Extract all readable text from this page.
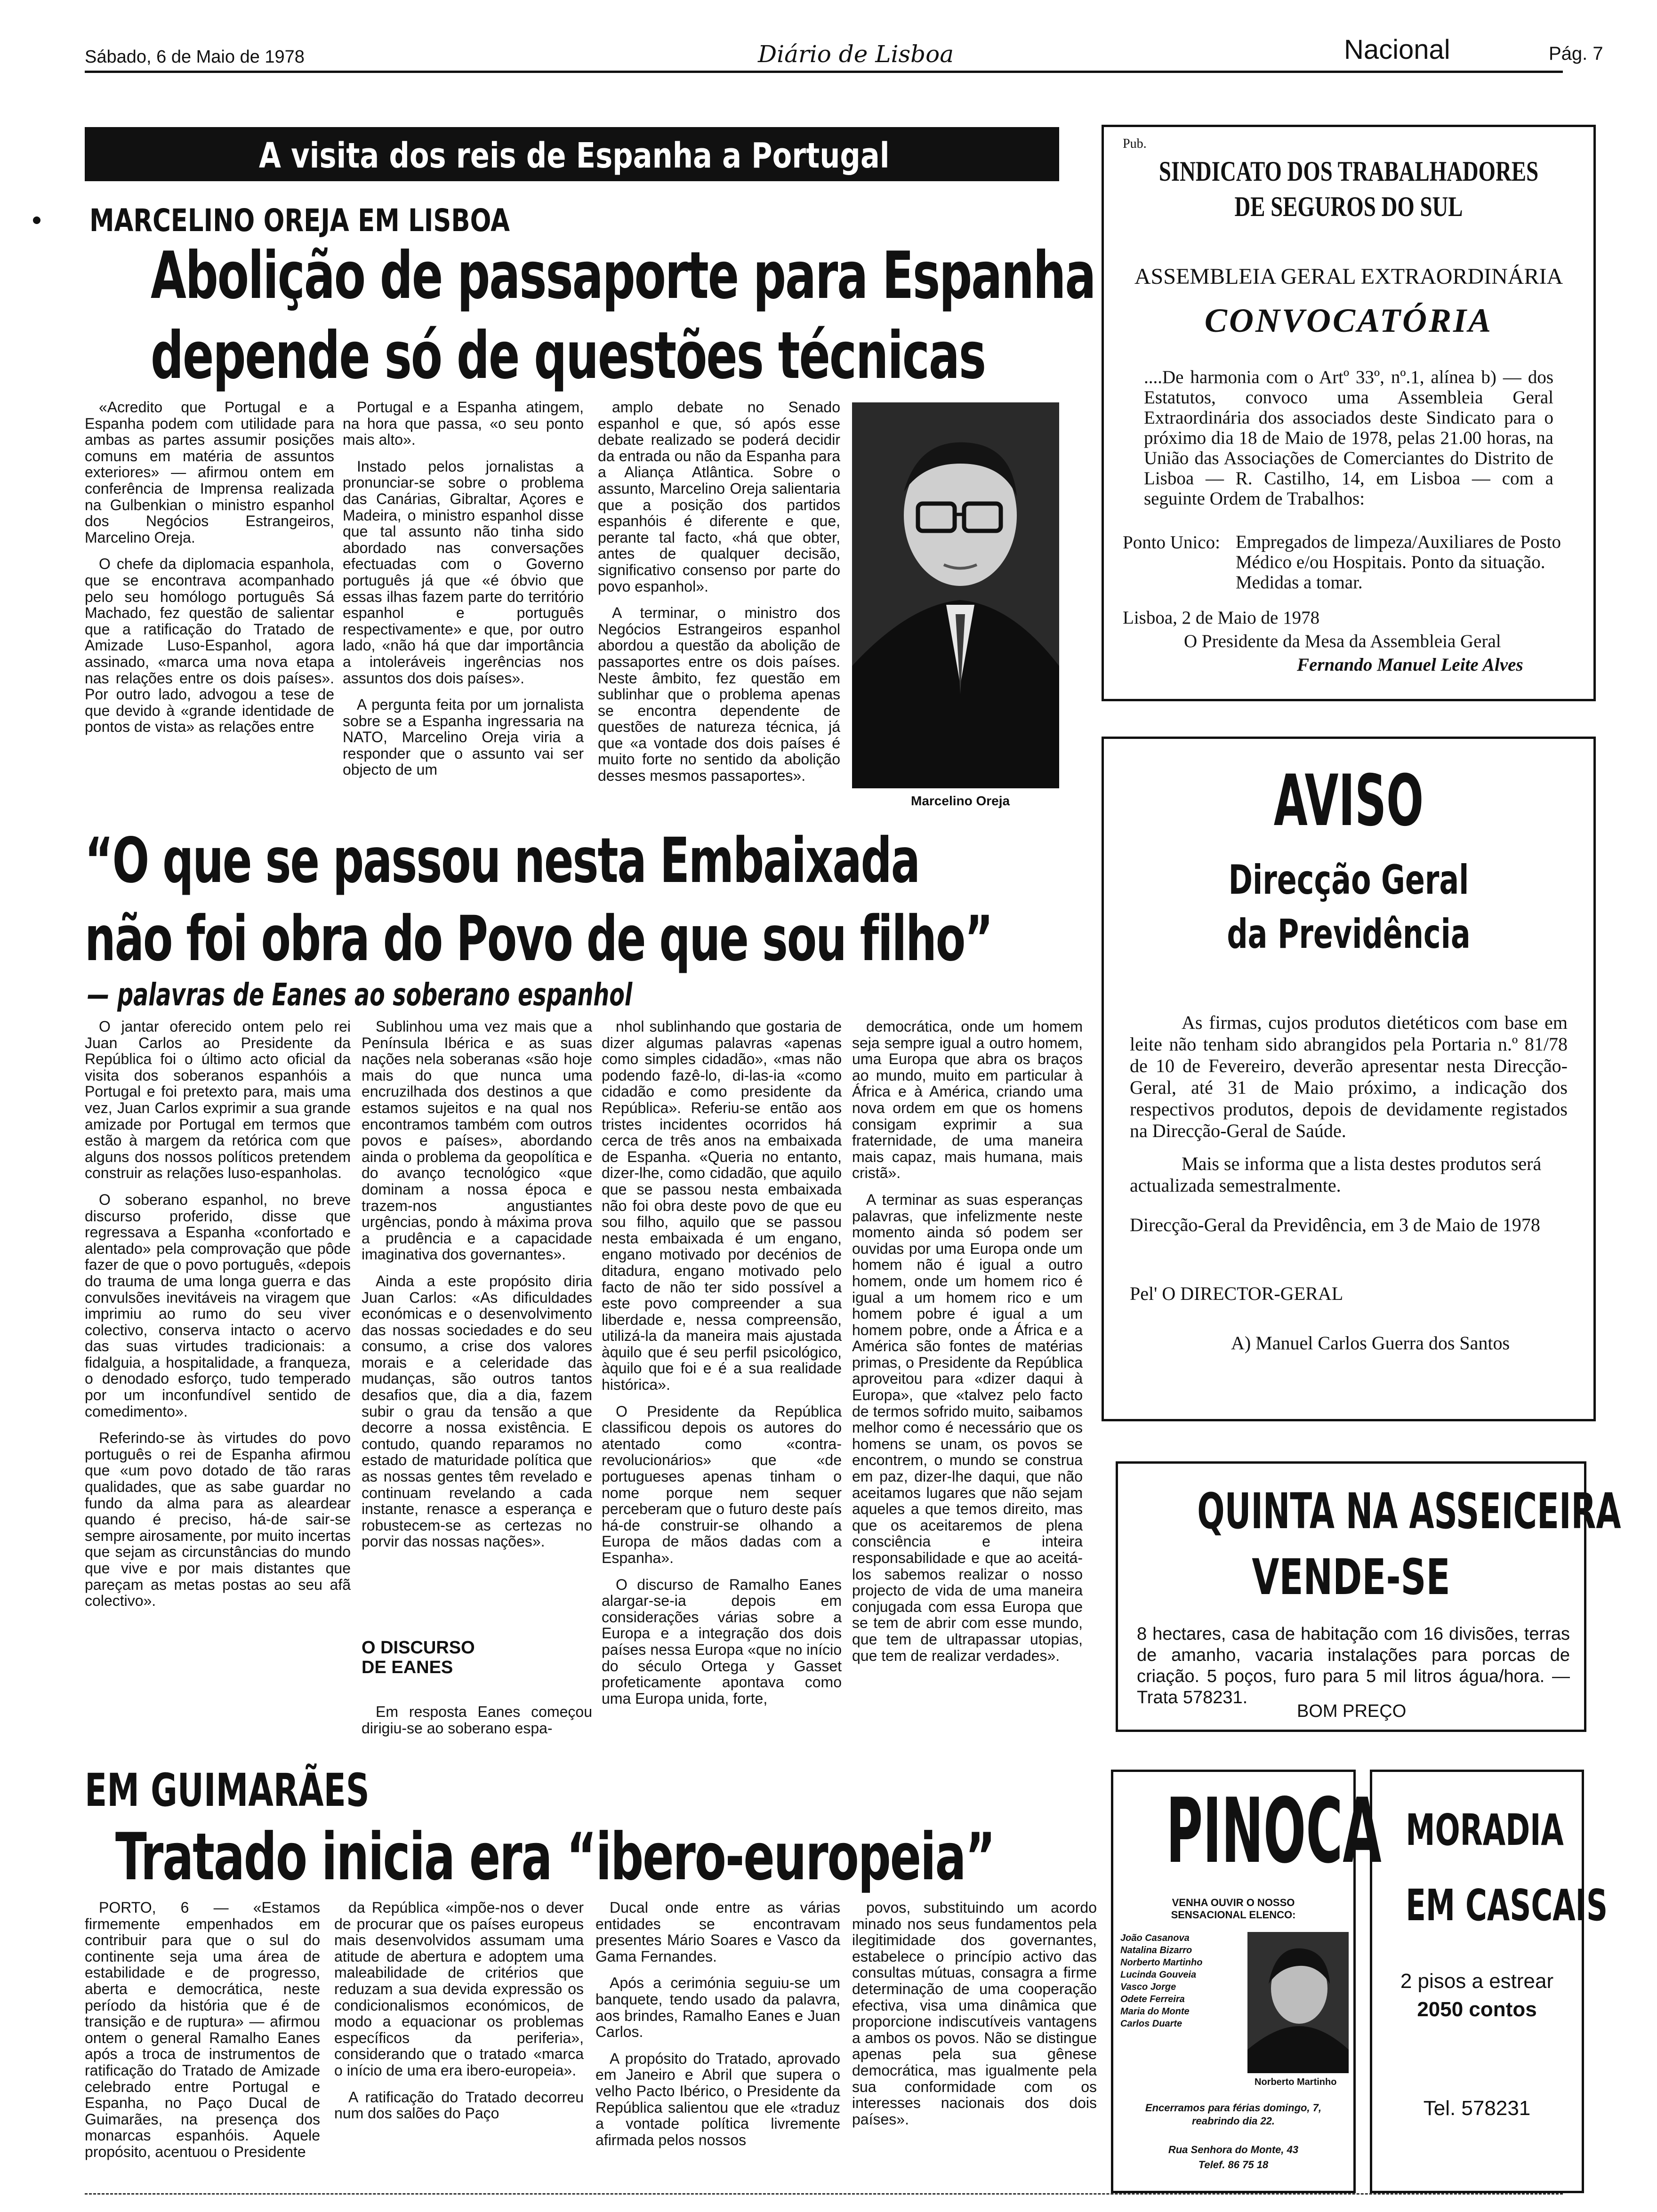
Sábado, 6 de Maio de 1978	Diário de Lisboa	Nacional	Pág. 7
A visita dos reis de Espanha a Portugal
MARCELINO OREJA EM LISBOA
Abolição de passaporte para Espanha
depende só de questões técnicas

«Acredito que Portugal e a Espanha podem com utilidade para ambas as partes assumir posições comuns em matéria de assuntos exteriores» — afirmou ontem em conferência de Imprensa realizada na Gulbenkian o ministro espanhol dos Negócios Estrangeiros, Marcelino Oreja.

O chefe da diplomacia espanhola, que se encontrava acompanhado pelo seu homólogo português Sá Machado, fez questão de salientar que a ratificação do Tratado de Amizade Luso-Espanhol, agora assinado, «marca uma nova etapa nas relações entre os dois países». Por outro lado, advogou a tese de que devido à «grande identidade de pontos de vista» as relações entre

Portugal e a Espanha atingem, na hora que passa, «o seu ponto mais alto».

Instado pelos jornalistas a pronunciar-se sobre o problema das Canárias, Gibraltar, Açores e Madeira, o ministro espanhol disse que tal assunto não tinha sido abordado nas conversações efectuadas com o Governo português já que «é óbvio que essas ilhas fazem parte do território espanhol e português respectivamente» e que, por outro lado, «não há que dar importância a intoleráveis ingerências nos assuntos dos dois países».

A pergunta feita por um jornalista sobre se a Espanha ingressaria na NATO, Marcelino Oreja viria a responder que o assunto vai ser objecto de um

amplo debate no Senado espanhol e que, só após esse debate realizado se poderá decidir da entrada ou não da Espanha para a Aliança Atlântica. Sobre o assunto, Marcelino Oreja salientaria que a posição dos partidos espanhóis é diferente e que, perante tal facto, «há que obter, antes de qualquer decisão, significativo consenso por parte do povo espanhol».

A terminar, o ministro dos Negócios Estrangeiros espanhol abordou a questão da abolição de passaportes entre os dois países. Neste âmbito, fez questão em sublinhar que o problema apenas se encontra dependente de questões de natureza técnica, já que «a vontade dos dois países é muito forte no sentido da abolição desses mesmos passaportes».

Marcelino Oreja
“O que se passou nesta Embaixada
não foi obra do Povo de que sou filho”
— palavras de Eanes ao soberano espanhol

O jantar oferecido ontem pelo rei Juan Carlos ao Presidente da República foi o último acto oficial da visita dos soberanos espanhóis a Portugal e foi pretexto para, mais uma vez, Juan Carlos exprimir a sua grande amizade por Portugal em termos que estão à margem da retórica com que alguns dos nossos políticos pretendem construir as relações luso-espanholas.

O soberano espanhol, no breve discurso proferido, disse que regressava a Espanha «confortado e alentado» pela comprovação que pôde fazer de que o povo português, «depois do trauma de uma longa guerra e das convulsões inevitáveis na viragem que imprimiu ao rumo do seu viver colectivo, conserva intacto o acervo das suas virtudes tradicionais: a fidalguia, a hospitalidade, a franqueza, o denodado esforço, tudo temperado por um inconfundível sentido de comedimento».

Referindo-se às virtudes do povo português o rei de Espanha afirmou que «um povo dotado de tão raras qualidades, que as sabe guardar no fundo da alma para as aleardear quando é preciso, há-de sair-se sempre airosamente, por muito incertas que sejam as circunstâncias do mundo que vive e por mais distantes que pareçam as metas postas ao seu afã colectivo».

Sublinhou uma vez mais que a Península Ibérica e as suas nações nela soberanas «são hoje mais do que nunca uma encruzilhada dos destinos a que estamos sujeitos e na qual nos encontramos também com outros povos e países», abordando ainda o problema da geopolítica e do avanço tecnológico «que dominam a nossa época e trazem-nos angustiantes urgências, pondo à máxima prova a prudência e a capacidade imaginativa dos governantes».

Ainda a este propósito diria Juan Carlos: «As dificuldades económicas e o desenvolvimento das nossas sociedades e do seu consumo, a crise dos valores morais e a celeridade das mudanças, são outros tantos desafios que, dia a dia, fazem subir o grau da tensão a que decorre a nossa existência. E contudo, quando reparamos no estado de maturidade política que as nossas gentes têm revelado e continuam revelando a cada instante, renasce a esperança e robustecem-se as certezas no porvir das nossas nações».

O DISCURSO DE EANES

Em resposta Eanes começou dirigiu-se ao soberano espa-

nhol sublinhando que gostaria de dizer algumas palavras «apenas como simples cidadão», «mas não podendo fazê-lo, di-las-ia «como cidadão e como presidente da República». Referiu-se então aos tristes incidentes ocorridos há cerca de três anos na embaixada de Espanha. «Queria no entanto, dizer-lhe, como cidadão, que aquilo que se passou nesta embaixada não foi obra deste povo de que eu sou filho, aquilo que se passou nesta embaixada é um engano, engano motivado por decénios de ditadura, engano motivado pelo facto de não ter sido possível a este povo compreender a sua liberdade e, nessa compreensão, utilizá-la da maneira mais ajustada àquilo que é seu perfil psicológico, àquilo que foi e é a sua realidade histórica».

O Presidente da República classificou depois os autores do atentado como «contra-revolucionários» que «de portugueses apenas tinham o nome porque nem sequer perceberam que o futuro deste país há-de construir-se olhando a Europa de mãos dadas com a Espanha».

O discurso de Ramalho Eanes alargar-se-ia depois em considerações várias sobre a Europa e a integração dos dois países nessa Europa «que no início do século Ortega y Gasset profeticamente apontava como uma Europa unida, forte,

democrática, onde um homem seja sempre igual a outro homem, uma Europa que abra os braços ao mundo, muito em particular à África e à América, criando uma nova ordem em que os homens consigam exprimir a sua fraternidade, de uma maneira mais capaz, mais humana, mais cristã».

A terminar as suas esperanças palavras, que infelizmente neste momento ainda só podem ser ouvidas por uma Europa onde um homem não é igual a outro homem, onde um homem rico é igual a um homem rico e um homem pobre é igual a um homem pobre, onde a África e a América são fontes de matérias primas, o Presidente da República aproveitou para «dizer daqui à Europa», que «talvez pelo facto de termos sofrido muito, saibamos melhor como é necessário que os homens se unam, os povos se encontrem, o mundo se construa em paz, dizer-lhe daqui, que não aceitamos lugares que não sejam aqueles a que temos direito, mas que os aceitaremos de plena consciência e inteira responsabilidade e que ao aceitá-los sabemos realizar o nosso projecto de vida de uma maneira conjugada com essa Europa que se tem de abrir com esse mundo, que tem de ultrapassar utopias, que tem de realizar verdades».

EM GUIMARÃES
Tratado inicia era “ibero-europeia”

PORTO, 6 — «Estamos firmemente empenhados em contribuir para que o sul do continente seja uma área de estabilidade e de progresso, aberta e democrática, neste período da história que é de transição e de ruptura» — afirmou ontem o general Ramalho Eanes após a troca de instrumentos de ratificação do Tratado de Amizade celebrado entre Portugal e Espanha, no Paço Ducal de Guimarães, na presença dos monarcas espanhóis. Aquele propósito, acentuou o Presidente

da República «impõe-nos o dever de procurar que os países europeus mais desenvolvidos assumam uma atitude de abertura e adoptem uma maleabilidade de critérios que reduzam a sua devida expressão os condicionalismos económicos, de modo a equacionar os problemas específicos da periferia», considerando que o tratado «marca o início de uma era ibero-europeia».

A ratificação do Tratado decorreu num dos salões do Paço

Ducal onde entre as várias entidades se encontravam presentes Mário Soares e Vasco da Gama Fernandes.

Após a cerimónia seguiu-se um banquete, tendo usado da palavra, aos brindes, Ramalho Eanes e Juan Carlos.

A propósito do Tratado, aprovado em Janeiro e Abril que supera o velho Pacto Ibérico, o Presidente da República salientou que ele «traduz a vontade política livremente afirmada pelos nossos

povos, substituindo um acordo minado nos seus fundamentos pela ilegitimidade dos governantes, estabelece o princípio activo das consultas mútuas, consagra a firme determinação de uma cooperação efectiva, visa uma dinâmica que proporcione indiscutíveis vantagens a ambos os povos. Não se distingue apenas pela sua gênese democrática, mas igualmente pela sua conformidade com os interesses nacionais dos dois países».

Pub.
SINDICATO DOS TRABALHADORES
DE SEGUROS DO SUL
ASSEMBLEIA GERAL EXTRAORDINÁRIA
CONVOCATÓRIA
....De harmonia com o Artº 33º, nº.1, alínea b) — dos Estatutos, convoco uma Assembleia Geral Extraordinária dos associados deste Sindicato para o próximo dia 18 de Maio de 1978, pelas 21.00 horas, na União das Associações de Comerciantes do Distrito de Lisboa — R. Castilho, 14, em Lisboa — com a seguinte Ordem de Trabalhos:
Ponto Unico: Empregados de limpeza/Auxiliares de Posto Médico e/ou Hospitais. Ponto da situação. Medidas a tomar.
Lisboa, 2 de Maio de 1978
O Presidente da Mesa da Assembleia Geral
Fernando Manuel Leite Alves
AVISO
Direcção Geral
da Previdência
As firmas, cujos produtos dietéticos com base em leite não tenham sido abrangidos pela Portaria n.º 81/78 de 10 de Fevereiro, deverão apresentar nesta Direcção-Geral, até 31 de Maio próximo, a indicação dos respectivos produtos, depois de devidamente registados na Direcção-Geral de Saúde.
Mais se informa que a lista destes produtos será actualizada semestralmente.
Direcção-Geral da Previdência, em 3 de Maio de 1978
Pel' O DIRECTOR-GERAL
A) Manuel Carlos Guerra dos Santos
QUINTA NA ASSEICEIRA
VENDE-SE
8 hectares, casa de habitação com 16 divisões, terras de amanho, vacaria instalações para porcas de criação. 5 poços, furo para 5 mil litros água/hora. — Trata 578231.
BOM PREÇO
PINOCA
VENHA OUVIR O NOSSO SENSACIONAL ELENCO:
João Casanova
Natalina Bizarro
Norberto Martinho
Lucinda Gouveia
Vasco Jorge
Odete Ferreira
Maria do Monte
Carlos Duarte
Norberto Martinho
Encerramos para férias domingo, 7, reabrindo dia 22.
Rua Senhora do Monte, 43
Telef. 86 75 18
MORADIA
EM CASCAIS
2 pisos a estrear
2050 contos
Tel. 578231
